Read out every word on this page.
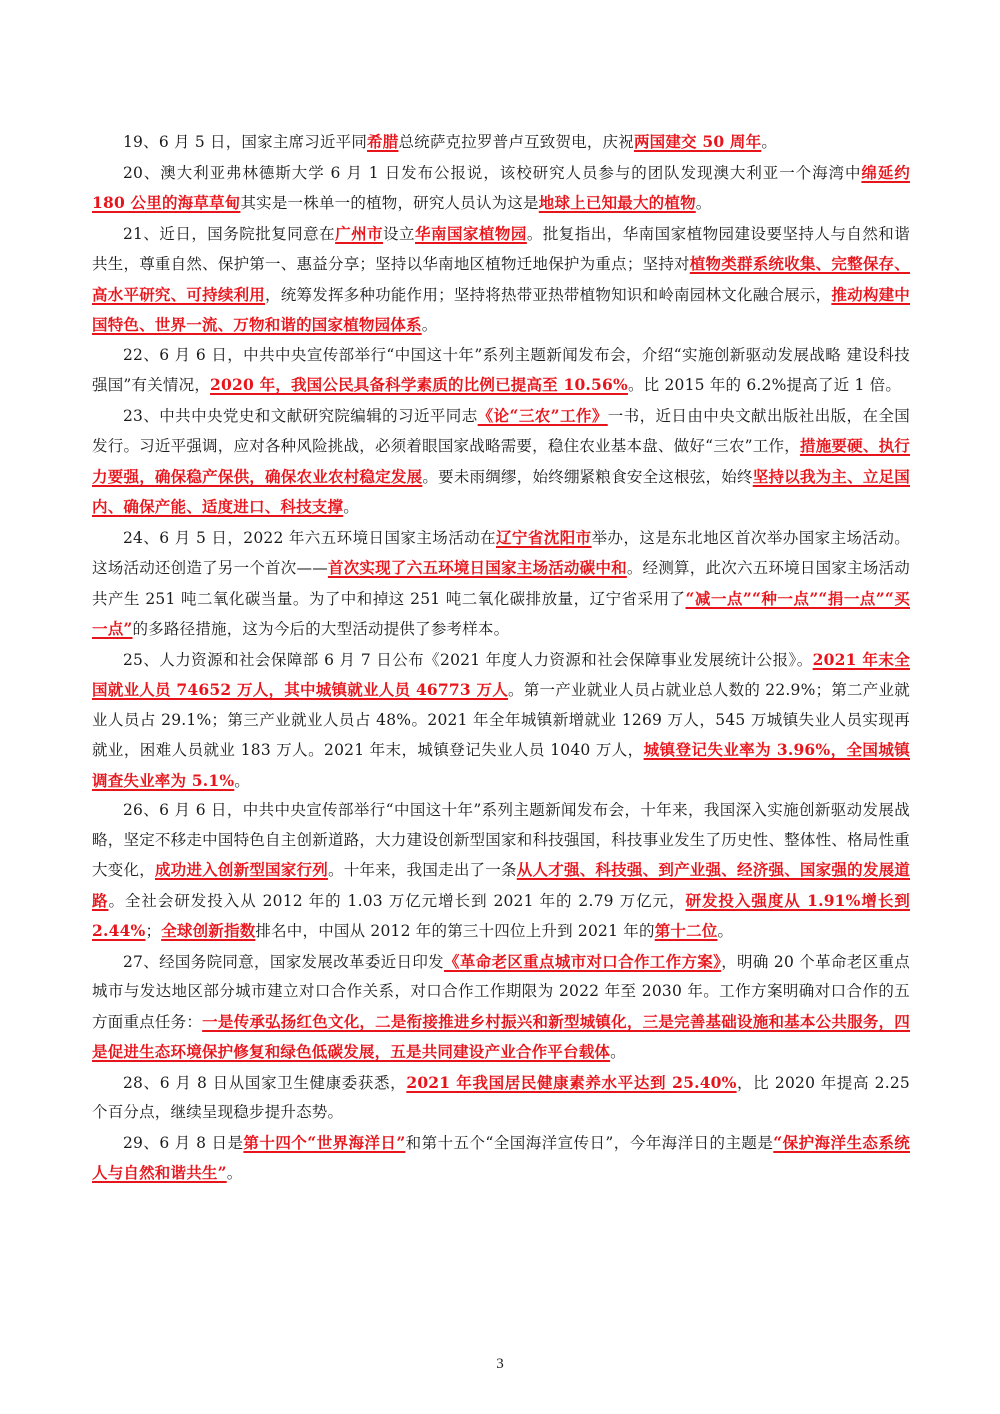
19、6 月 5 日，国家主席习近平同希腊总统萨克拉罗普卢互致贺电，庆祝两国建交 50 周年。

20、澳大利亚弗林德斯大学 6 月 1 日发布公报说，该校研究人员参与的团队发现澳大利亚一个海湾中绵延约 180 公里的海草草甸其实是一株单一的植物，研究人员认为这是地球上已知最大的植物。

21、近日，国务院批复同意在广州市设立华南国家植物园。批复指出，华南国家植物园建设要坚持人与自然和谐共生，尊重自然、保护第一、惠益分享；坚持以华南地区植物迁地保护为重点；坚持对植物类群系统收集、完整保存、高水平研究、可持续利用，统筹发挥多种功能作用；坚持将热带亚热带植物知识和岭南园林文化融合展示，推动构建中国特色、世界一流、万物和谐的国家植物园体系。

22、6 月 6 日，中共中央宣传部举行“中国这十年”系列主题新闻发布会，介绍“实施创新驱动发展战略 建设科技强国”有关情况，2020 年，我国公民具备科学素质的比例已提高至 10.56%。比 2015 年的 6.2%提高了近 1 倍。

23、中共中央党史和文献研究院编辑的习近平同志《论“三农”工作》一书，近日由中央文献出版社出版，在全国发行。习近平强调，应对各种风险挑战，必须着眼国家战略需要，稳住农业基本盘、做好“三农”工作，措施要硬、执行力要强，确保稳产保供，确保农业农村稳定发展。要未雨绸缪，始终绷紧粮食安全这根弦，始终坚持以我为主、立足国内、确保产能、适度进口、科技支撑。

24、6 月 5 日，2022 年六五环境日国家主场活动在辽宁省沈阳市举办，这是东北地区首次举办国家主场活动。这场活动还创造了另一个首次——首次实现了六五环境日国家主场活动碳中和。经测算，此次六五环境日国家主场活动共产生 251 吨二氧化碳当量。为了中和掉这 251 吨二氧化碳排放量，辽宁省采用了“减一点”“种一点”“捐一点”“买一点”的多路径措施，这为今后的大型活动提供了参考样本。

25、人力资源和社会保障部 6 月 7 日公布《2021 年度人力资源和社会保障事业发展统计公报》。2021 年末全国就业人员 74652 万人，其中城镇就业人员 46773 万人。第一产业就业人员占就业总人数的 22.9%；第二产业就业人员占 29.1%；第三产业就业人员占 48%。2021 年全年城镇新增就业 1269 万人，545 万城镇失业人员实现再就业，困难人员就业 183 万人。2021 年末，城镇登记失业人员 1040 万人，城镇登记失业率为 3.96%，全国城镇调查失业率为 5.1%。

26、6 月 6 日，中共中央宣传部举行“中国这十年”系列主题新闻发布会，十年来，我国深入实施创新驱动发展战略，坚定不移走中国特色自主创新道路，大力建设创新型国家和科技强国，科技事业发生了历史性、整体性、格局性重大变化，成功进入创新型国家行列。十年来，我国走出了一条从人才强、科技强、到产业强、经济强、国家强的发展道路。全社会研发投入从 2012 年的 1.03 万亿元增长到 2021 年的 2.79 万亿元，研发投入强度从 1.91%增长到 2.44%；全球创新指数排名中，中国从 2012 年的第三十四位上升到 2021 年的第十二位。

27、经国务院同意，国家发展改革委近日印发《革命老区重点城市对口合作工作方案》，明确 20 个革命老区重点城市与发达地区部分城市建立对口合作关系，对口合作工作期限为 2022 年至 2030 年。工作方案明确对口合作的五方面重点任务：一是传承弘扬红色文化，二是衔接推进乡村振兴和新型城镇化，三是完善基础设施和基本公共服务，四是促进生态环境保护修复和绿色低碳发展，五是共同建设产业合作平台载体。

28、6 月 8 日从国家卫生健康委获悉，2021 年我国居民健康素养水平达到 25.40%，比 2020 年提高 2.25 个百分点，继续呈现稳步提升态势。

29、6 月 8 日是第十四个“世界海洋日”和第十五个“全国海洋宣传日”，今年海洋日的主题是“保护海洋生态系统 人与自然和谐共生”。

3
